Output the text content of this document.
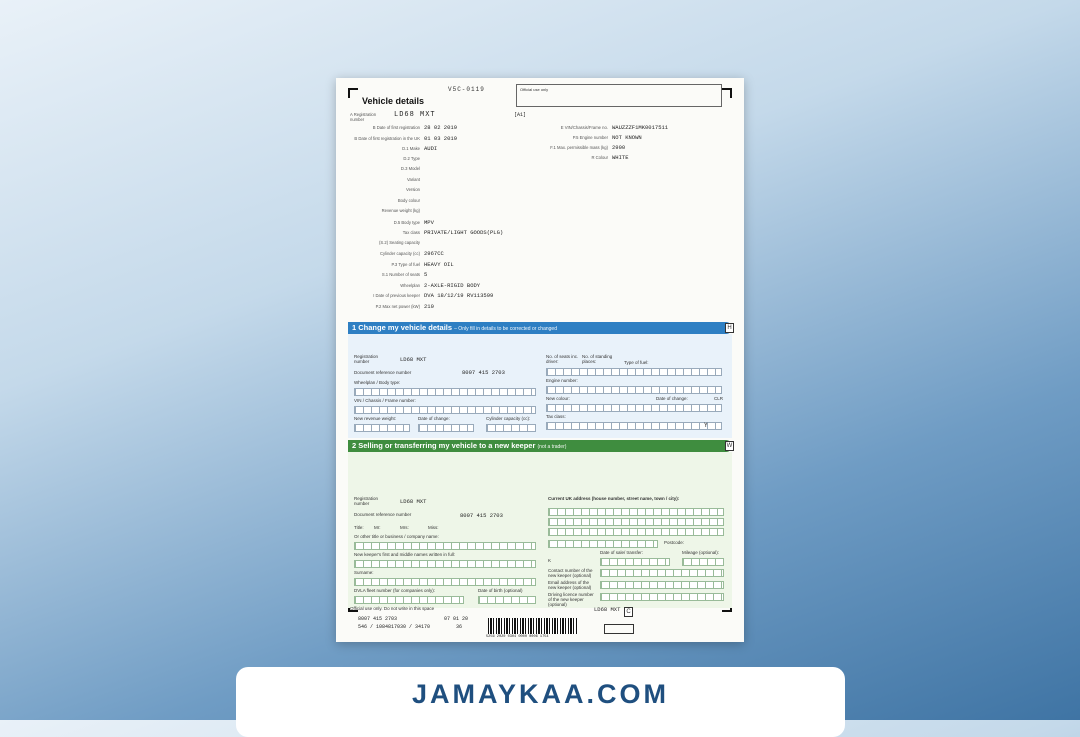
V5C-0119
Vehicle details
Official use only
A Registration number
LD68 MXT	[A1]
B Date of first registration 28 02 2019
B Date of first registration in the UK 01 03 2019
D.1 Make AUDI
D.2 Type
D.3 Model
Variant
Version
Body colour
Revenue weight (kg)
D.5 Body type MPV
Tax class PRIVATE/LIGHT GOODS(PLG)
(S.2) Seating capacity
Cylinder capacity (cc) 2967CC
P.3 Type of fuel HEAVY OIL
S.1 Number of seats 5
Wheelplan 2-AXLE-RIGID BODY
I Date of previous keeper DVA 18/12/19 RV113599
P.2 Max net power (kW) 210
E VIN/Chassis/Frame no. WAUZZZF1MK0017511
P.5 Engine number NOT KNOWN
F.1 Max. permissible mass (kg) 2900
R Colour WHITE
1 Change my vehicle details – Only fill in details to be corrected or changed	H
Registration number	LD68 MXT
Document reference number	8007 415 2703
Wheelplan / Body type:
VIN / Chassis / Frame number:
New revenue weight:	Date of change:	Cylinder capacity (cc):
No. of seats inc. driver:
No. of standing places:	Type of fuel:
Engine number:
New colour:	Date of change:	CLR
Tax class:
Y
2 Selling or transferring my vehicle to a new keeper (not a trader)	W
Registration number	LD68 MXT
Document reference number	8007 415 2703
Title: Mr:	Mrs:	Miss:
Or other title or business / company name:
New keeper's first and middle names written in full:
Surname:
DVLA fleet number (for companies only):	Date of birth (optional)
Current UK address (house number, street name, town / city):
Postcode:
Date of sale/ transfer:	Mileage (optional):
K
Contact number of the new keeper (optional)
Email address of the new keeper (optional)
Driving licence number of the new keeper (optional)
Official use only. Do not write in this space
8007 415 2703
546 / 1084817030 / 34170
07 01 20
36
5256 2020 0304 0000 0006 1754
LD68 MXT C
JAMAYKAA.COM
